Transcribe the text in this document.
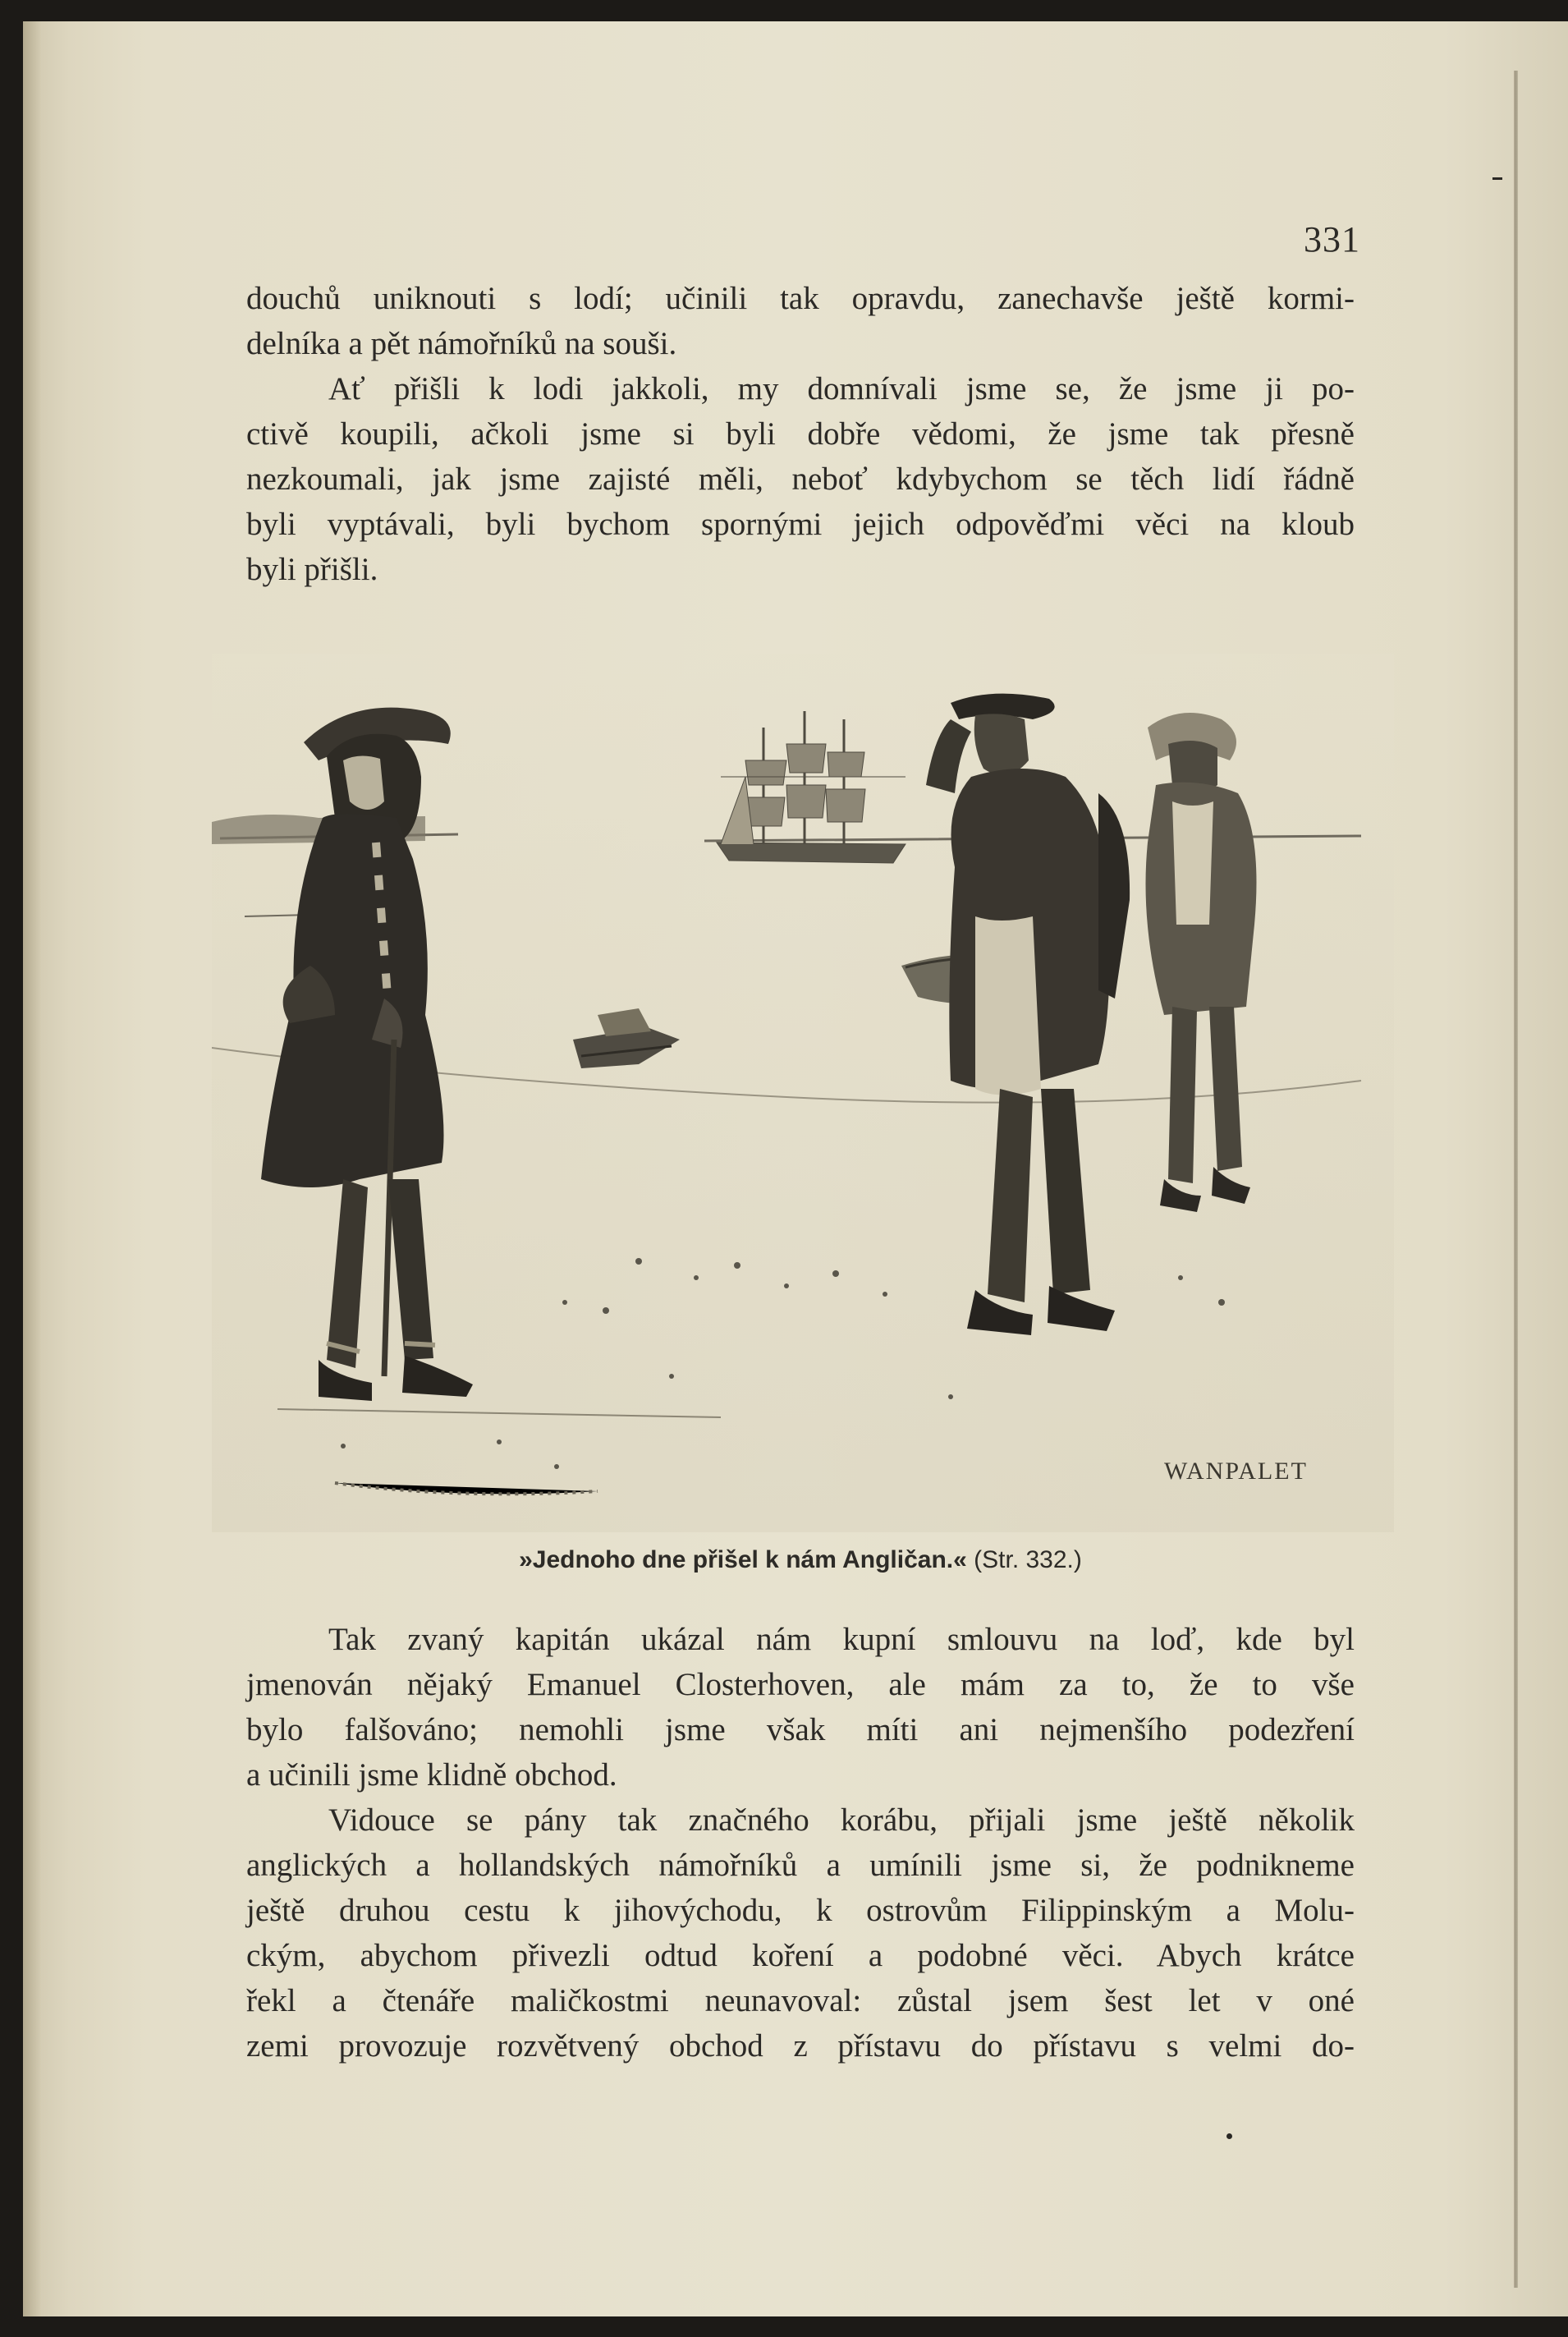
331

douchů uniknouti s lodí; učinili tak opravdu, zanechavše ještě kormi-
delníka a pět námořníků na souši.

Ať přišli k lodi jakkoli, my domnívali jsme se, že jsme ji po-
ctivě koupili, ačkoli jsme si byli dobře vědomi, že jsme tak přesně
nezkoumali, jak jsme zajisté měli, neboť kdybychom se těch lidí řádně
byli vyptávali, byli bychom spornými jejich odpověďmi věci na kloub
byli přišli.

WANPALET
»Jednoho dne přišel k nám Angličan.« (Str. 332.)

Tak zvaný kapitán ukázal nám kupní smlouvu na loď, kde byl
jmenován nějaký Emanuel Closterhoven, ale mám za to, že to vše
bylo falšováno; nemohli jsme však míti ani nejmenšího podezření
a učinili jsme klidně obchod.

Vidouce se pány tak značného korábu, přijali jsme ještě několik
anglických a hollandských námořníků a umínili jsme si, že podnikneme
ještě druhou cestu k jihovýchodu, k ostrovům Filippinským a Molu-
ckým, abychom přivezli odtud koření a podobné věci. Abych krátce
řekl a čtenáře maličkostmi neunavoval: zůstal jsem šest let v oné
zemi provozuje rozvětvený obchod z přístavu do přístavu s velmi do-
